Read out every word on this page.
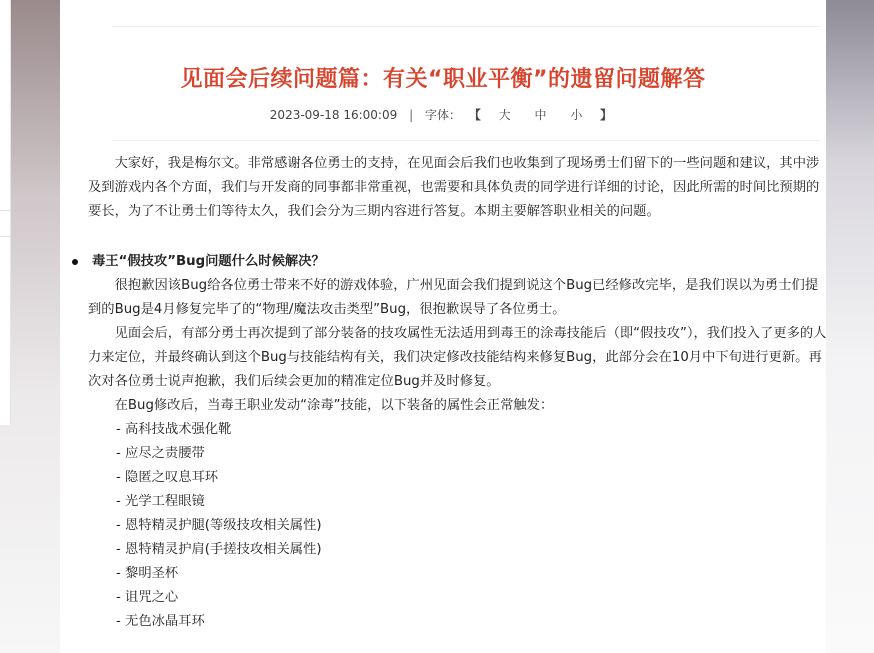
见面会后续问题篇：有关“职业平衡”的遗留问题解答
2023-09-18 16:00:09 | 字体： 【 大 中 小 】

大家好，我是梅尔文。非常感谢各位勇士的支持，在见面会后我们也收集到了现场勇士们留下的一些问题和建议，其中涉及到游戏内各个方面，我们与开发商的同事都非常重视，也需要和具体负责的同学进行详细的讨论，因此所需的时间比预期的要长，为了不让勇士们等待太久，我们会分为三期内容进行答复。本期主要解答职业相关的问题。

毒王“假技攻”Bug问题什么时候解决？

很抱歉因该Bug给各位勇士带来不好的游戏体验，广州见面会我们提到说这个Bug已经修改完毕，是我们误以为勇士们提到的Bug是4月修复完毕了的“物理/魔法攻击类型”Bug，很抱歉误导了各位勇士。

见面会后，有部分勇士再次提到了部分装备的技攻属性无法适用到毒王的涂毒技能后（即“假技攻”），我们投入了更多的人力来定位，并最终确认到这个Bug与技能结构有关，我们决定修改技能结构来修复Bug，此部分会在10月中下旬进行更新。再次对各位勇士说声抱歉，我们后续会更加的精准定位Bug并及时修复。

在Bug修改后，当毒王职业发动“涂毒”技能，以下装备的属性会正常触发：

- 高科技战术强化靴
- 应尽之责腰带
- 隐匿之叹息耳环
- 光学工程眼镜
- 恩特精灵护腿(等级技攻相关属性)
- 恩特精灵护肩(手搓技攻相关属性)
- 黎明圣杯
- 诅咒之心
- 无色冰晶耳环
